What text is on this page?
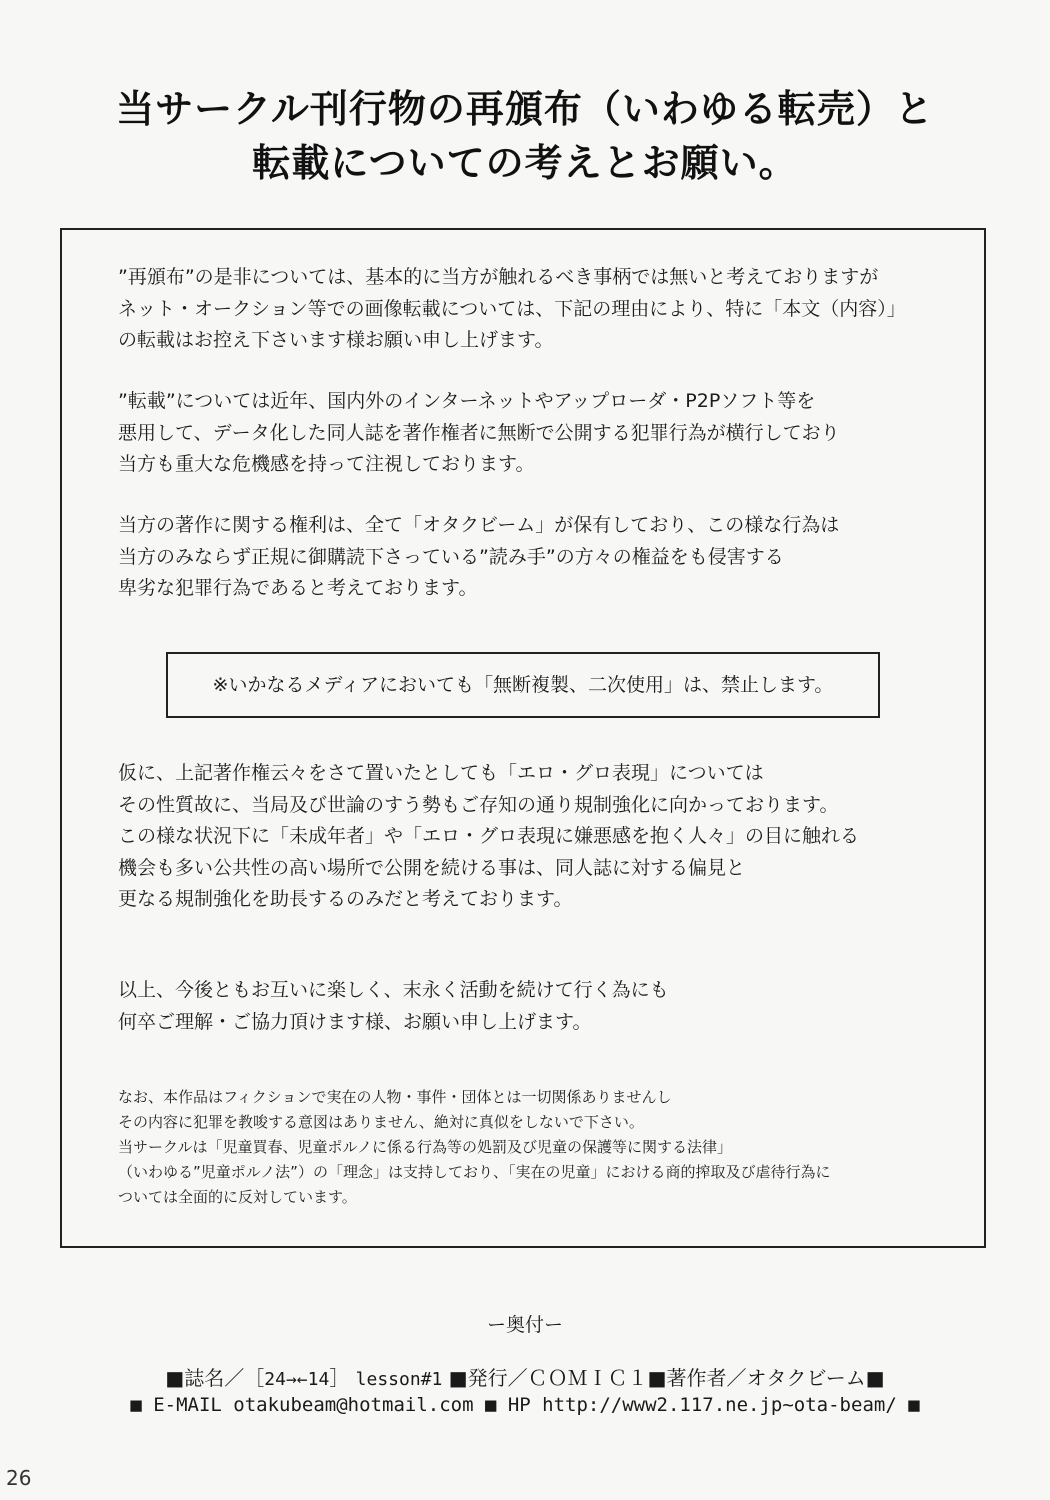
当サークル刊行物の再頒布（いわゆる転売）と
転載についての考えとお願い。
”再頒布”の是非については、基本的に当方が触れるべき事柄では無いと考えておりますが
ネット・オークション等での画像転載については、下記の理由により、特に「本文（内容）」
の転載はお控え下さいます様お願い申し上げます。
”転載”については近年、国内外のインターネットやアップローダ・P2Pソフト等を
悪用して、データ化した同人誌を著作権者に無断で公開する犯罪行為が横行しており
当方も重大な危機感を持って注視しております。
当方の著作に関する権利は、全て「オタクビーム」が保有しており、この様な行為は
当方のみならず正規に御購読下さっている”読み手”の方々の権益をも侵害する
卑劣な犯罪行為であると考えております。
※いかなるメディアにおいても「無断複製、二次使用」は、禁止します。
仮に、上記著作権云々をさて置いたとしても「エロ・グロ表現」については
その性質故に、当局及び世論のすう勢もご存知の通り規制強化に向かっております。
この様な状況下に「未成年者」や「エロ・グロ表現に嫌悪感を抱く人々」の目に触れる
機会も多い公共性の高い場所で公開を続ける事は、同人誌に対する偏見と
更なる規制強化を助長するのみだと考えております。
以上、今後ともお互いに楽しく、末永く活動を続けて行く為にも
何卒ご理解・ご協力頂けます様、お願い申し上げます。
なお、本作品はフィクションで実在の人物・事件・団体とは一切関係ありませんし
その内容に犯罪を教唆する意図はありません、絶対に真似をしないで下さい。
当サークルは「児童買春、児童ポルノに係る行為等の処罰及び児童の保護等に関する法律」
（いわゆる”児童ポルノ法”）の「理念」は支持しており、「実在の児童」における商的搾取及び虐待行為に
ついては全面的に反対しています。
ー奥付ー
■誌名／［24→←14］ lesson#1 ■発行／ＣＯＭＩＣ１■著作者／オタクビーム■
■ E-MAIL otakubeam@hotmail.com ■ HP http://www2.117.ne.jp~ota-beam/ ■
26
